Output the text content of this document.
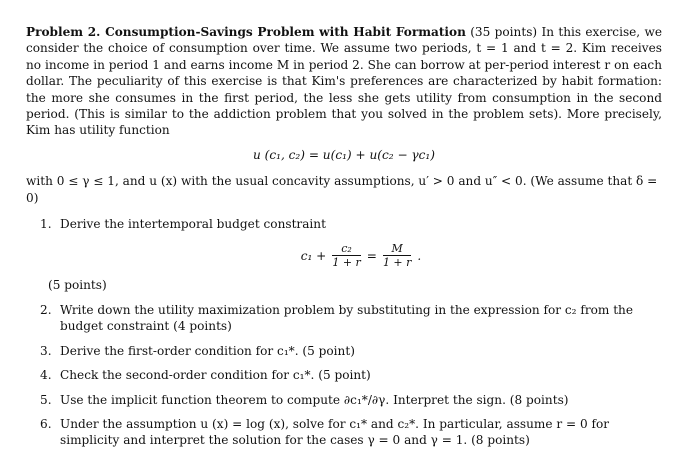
Problem 2. Consumption-Savings Problem with Habit Formation (35 points) In this exercise, we consider the choice of consumption over time. We assume two periods, t = 1 and t = 2. Kim receives no income in period 1 and earns income M in period 2. She can borrow at per-period interest r on each dollar. The peculiarity of this exercise is that Kim's preferences are characterized by habit formation: the more she consumes in the first period, the less she gets utility from consumption in the second period. (This is similar to the addiction problem that you solved in the problem sets). More precisely, Kim has utility function

u (c₁, c₂) = u(c₁) + u(c₂ − γc₁)

with 0 ≤ γ ≤ 1, and u (x) with the usual concavity assumptions, u′ > 0 and u″ < 0. (We assume that δ = 0)

1. Derive the intertemporal budget constraint
$c_1 + \frac{\text{c₂}}{1 + r} = \frac{M}{1 + r}$ .
(5 points)
2. Write down the utility maximization problem by substituting in the expression for c₂ from the budget constraint (4 points)
3. Derive the first-order condition for c₁*. (5 point)
4. Check the second-order condition for c₁*. (5 point)
5. Use the implicit function theorem to compute ∂c₁*/∂γ. Interpret the sign. (8 points)
6. Under the assumption u (x) = log (x), solve for c₁* and c₂*. In particular, assume r = 0 for simplicity and interpret the solution for the cases γ = 0 and γ = 1. (8 points)
